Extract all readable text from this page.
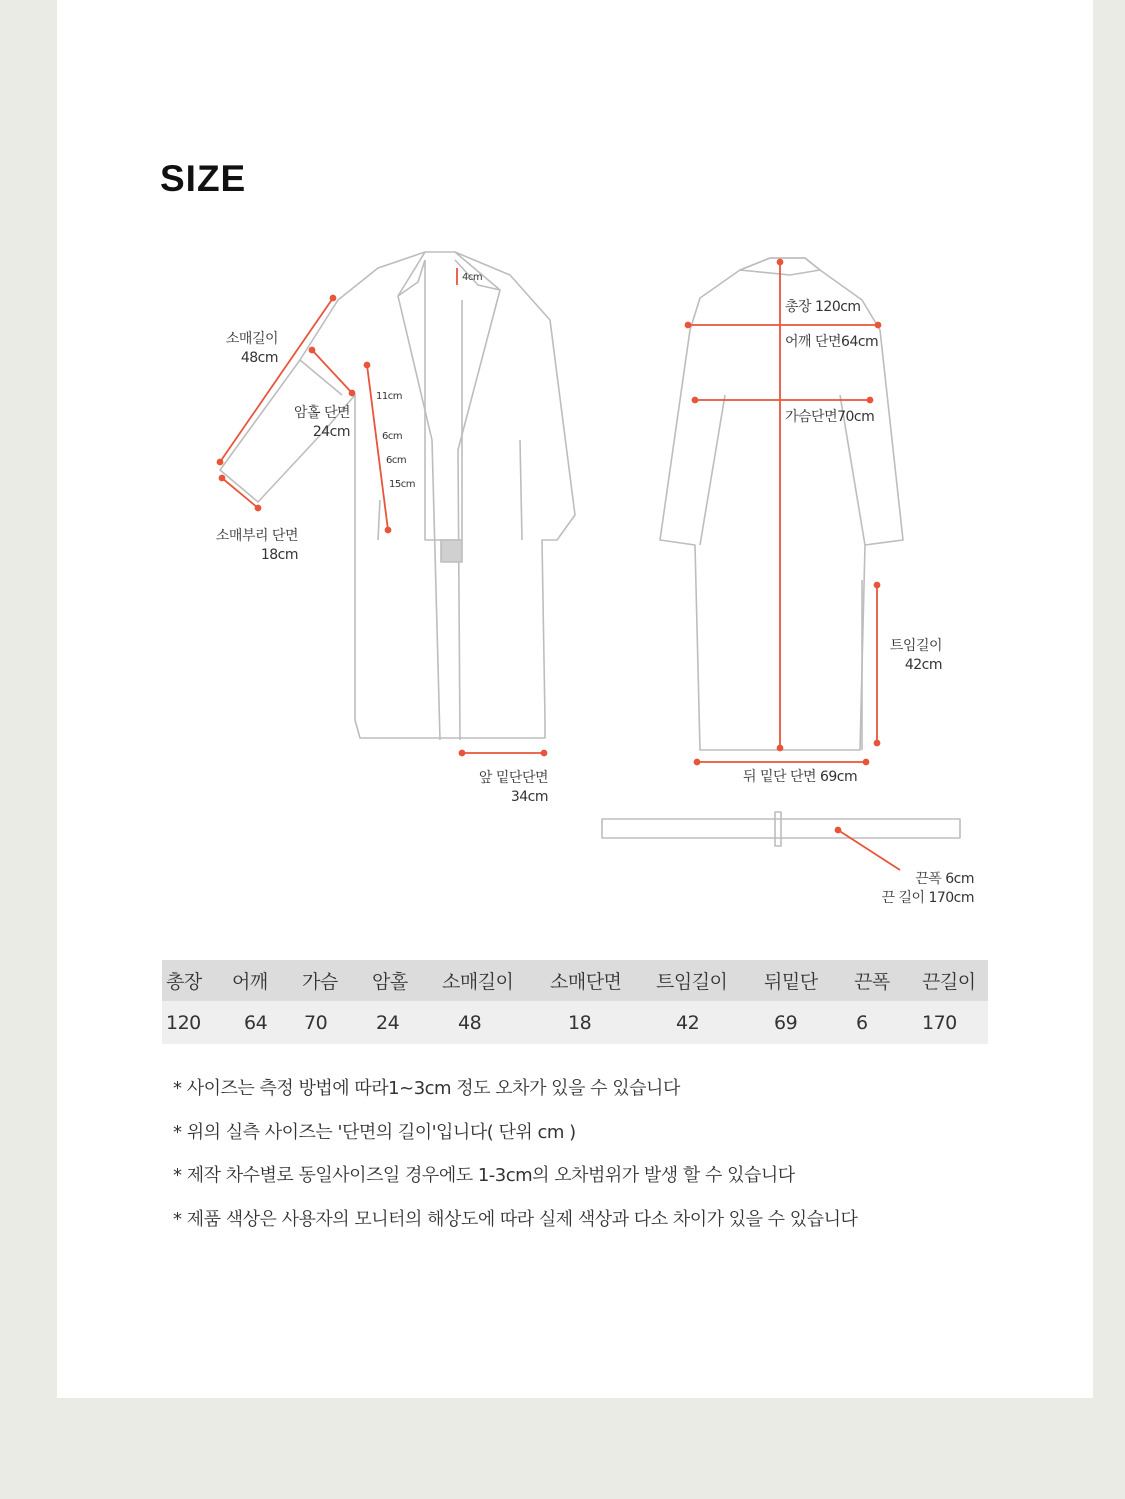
SIZE
4cm
소매길이
48cm
암홀 단면
24cm
소매부리 단면
18cm
11cm
6cm
6cm
15cm
앞 밑단단면
34cm
총장 120cm
어깨 단면64cm
가슴단면70cm
트임길이
42cm
뒤 밑단 단면 69cm
끈폭 6cm
끈 길이 170cm
총장	어깨	가슴	암홀	소매길이	소매단면	트임길이	뒤밑단	끈폭	끈길이
120	64	70	24	48	18	42	69	6	170
* 사이즈는 측정 방법에 따라1~3cm 정도 오차가 있을 수 있습니다
* 위의 실측 사이즈는 '단면의 길이'입니다( 단위 cm )
* 제작 차수별로 동일사이즈일 경우에도 1-3cm의 오차범위가 발생 할 수 있습니다
* 제품 색상은 사용자의 모니터의 해상도에 따라 실제 색상과 다소 차이가 있을 수 있습니다
